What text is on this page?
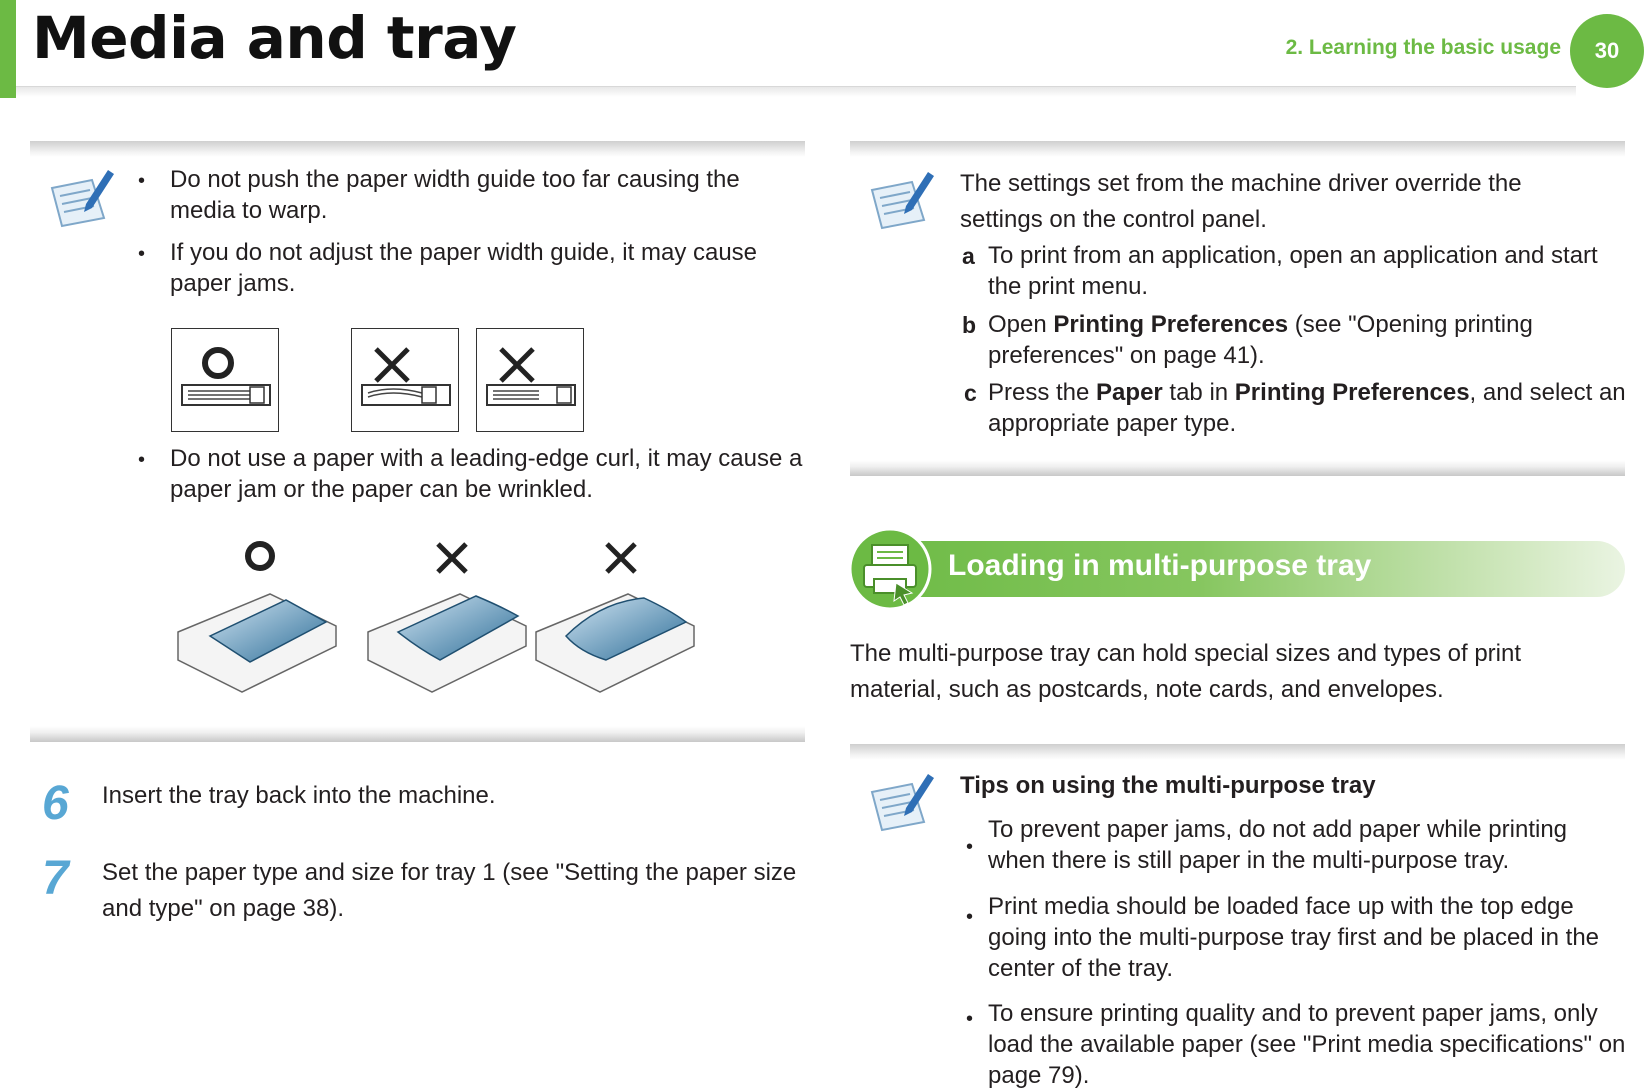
Media and tray	2. Learning the basic usage	30
• Do not push the paper width guide too far causing the media to warp.
• If you do not adjust the paper width guide, it may cause paper jams.
• Do not use a paper with a leading-edge curl, it may cause a paper jam or the paper can be wrinkled.
6 Insert the tray back into the machine.
7 Set the paper type and size for tray 1 (see "Setting the paper size and type" on page 38).
The settings set from the machine driver override the settings on the control panel.
a To print from an application, open an application and start the print menu.
b Open Printing Preferences (see "Opening printing preferences" on page 41).
c Press the Paper tab in Printing Preferences, and select an appropriate paper type.
Loading in multi-purpose tray
The multi-purpose tray can hold special sizes and types of print material, such as postcards, note cards, and envelopes.
Tips on using the multi-purpose tray
•
To prevent paper jams, do not add paper while printing when there is still paper in the multi-purpose tray.
• Print media should be loaded face up with the top edge going into the multi-purpose tray first and be placed in the center of the tray.
• To ensure printing quality and to prevent paper jams, only load the available paper (see "Print media specifications" on page 79).
